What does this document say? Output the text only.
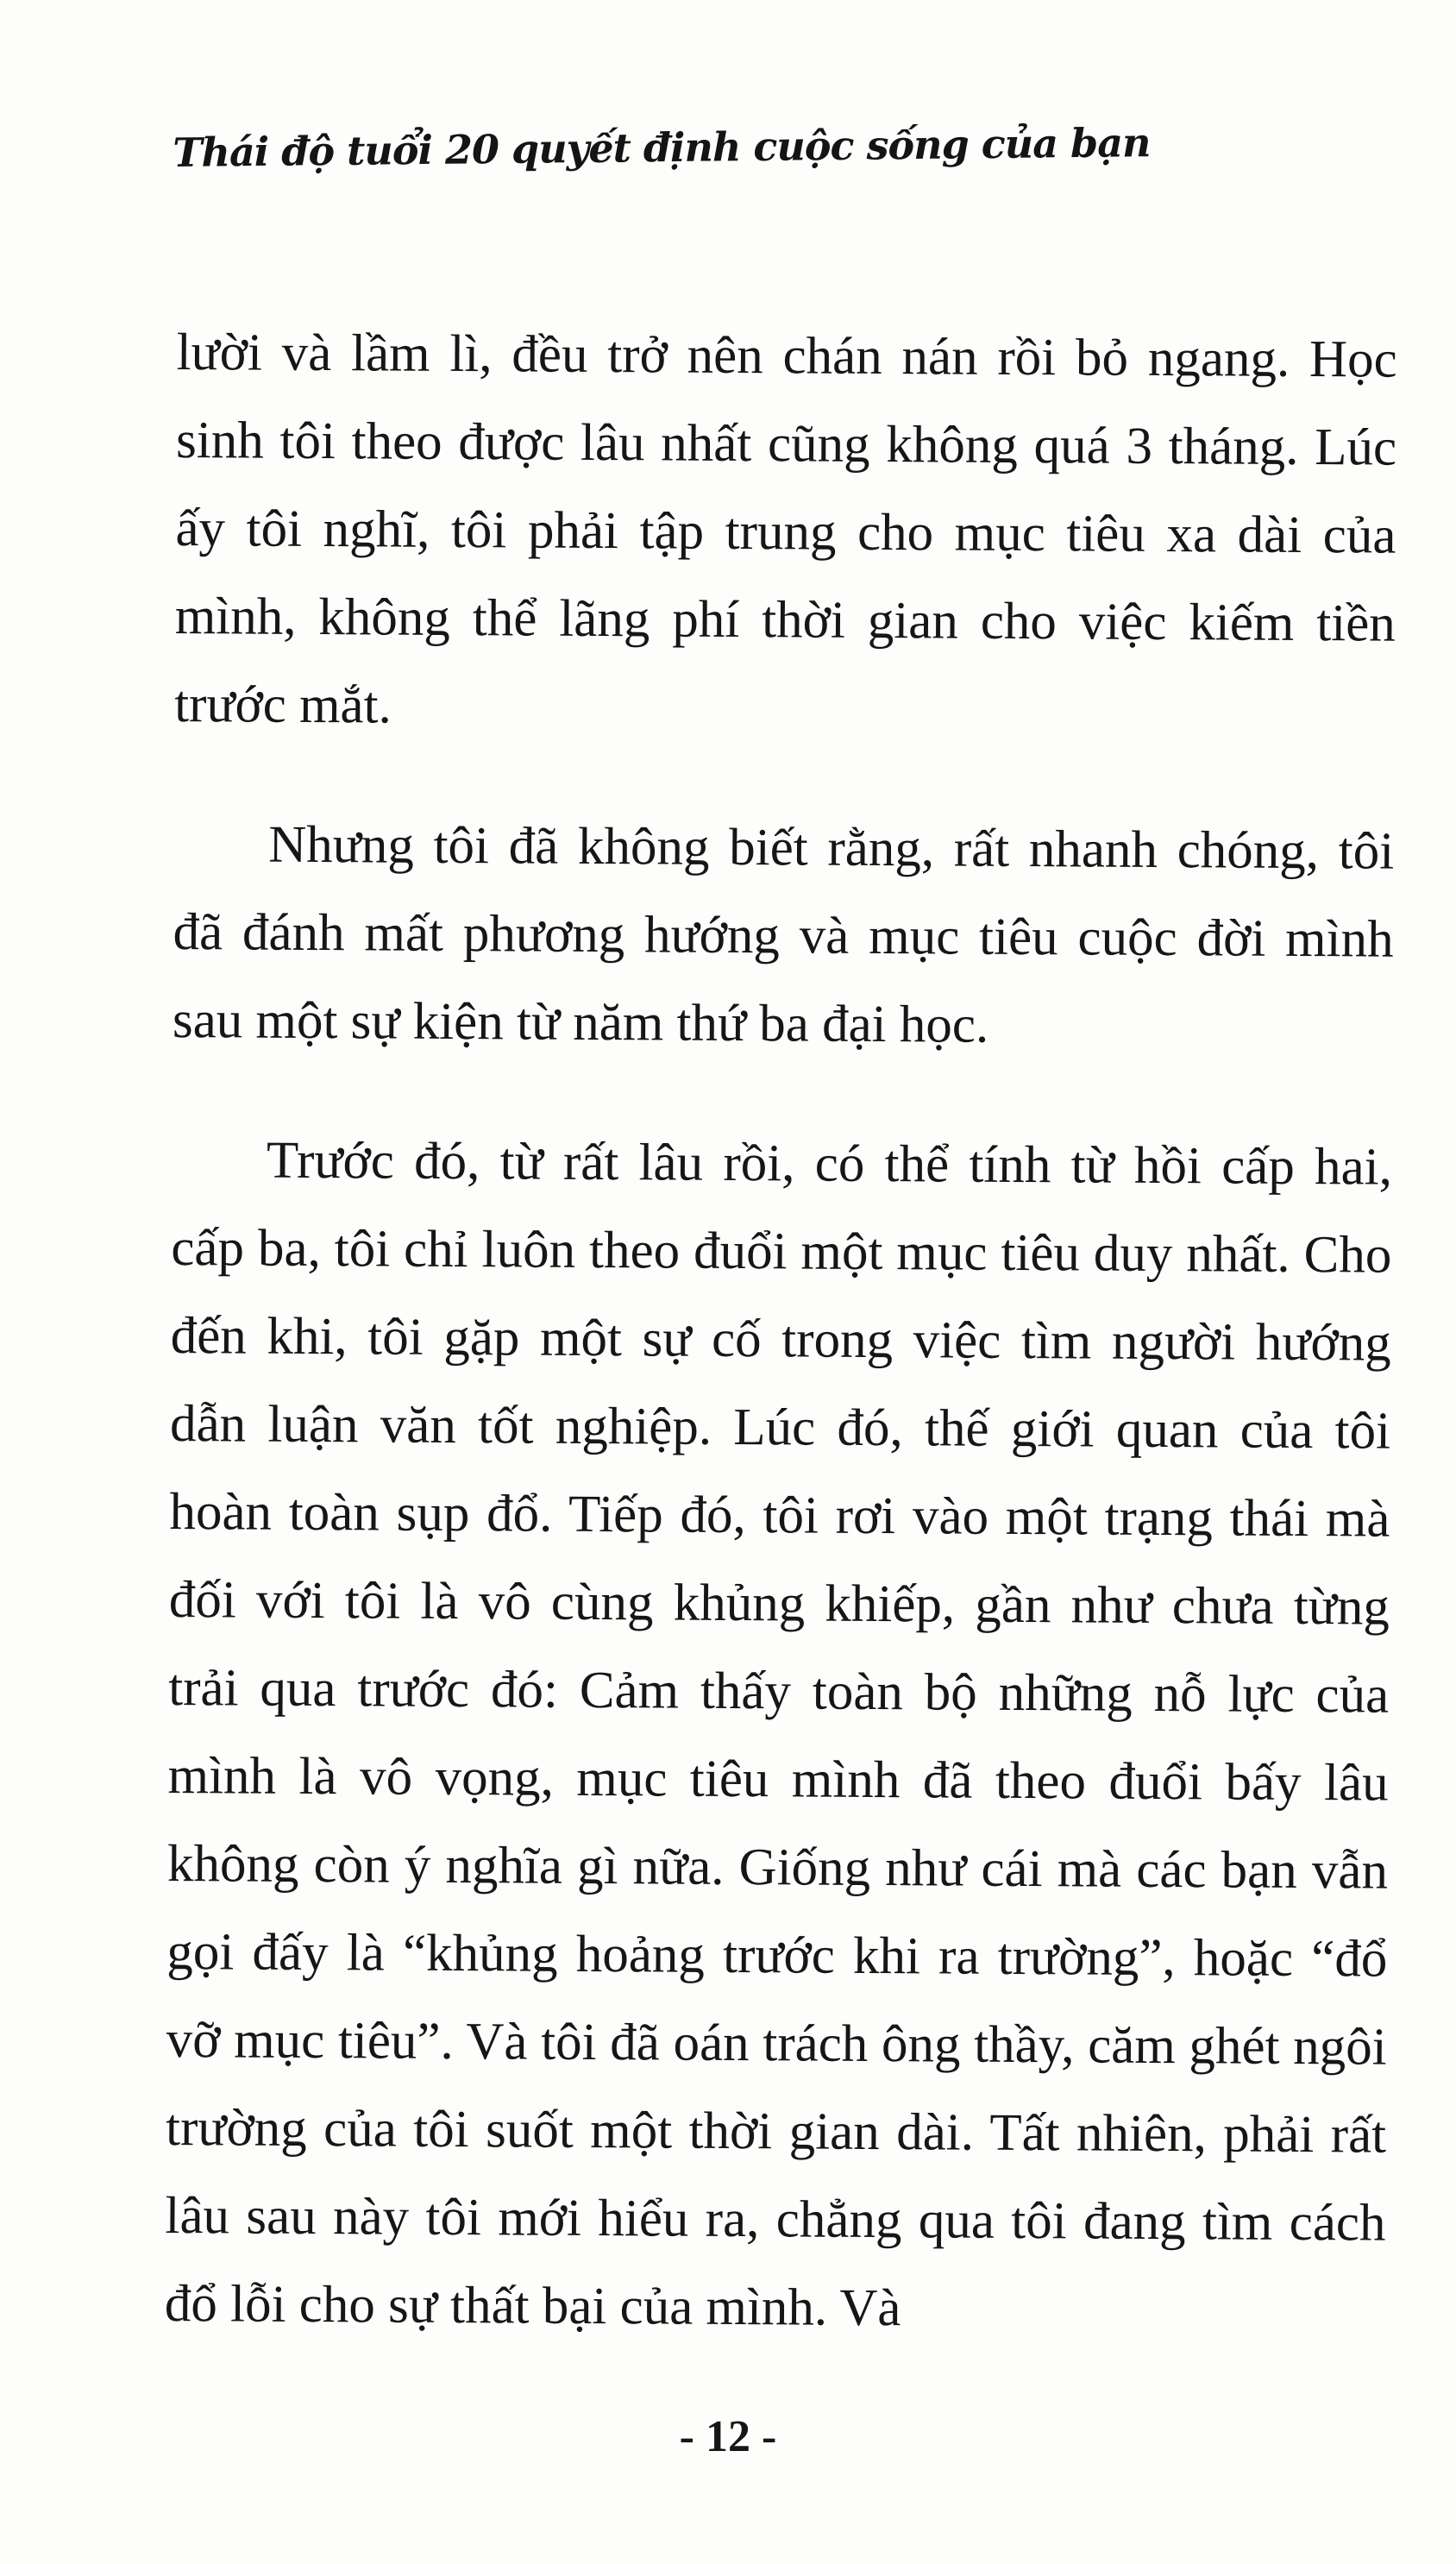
Thái độ tuổi 20 quyết định cuộc sống của bạn

lười và lầm lì, đều trở nên chán nán rồi bỏ ngang. Học sinh tôi theo được lâu nhất cũng không quá 3 tháng. Lúc ấy tôi nghĩ, tôi phải tập trung cho mục tiêu xa dài của mình, không thể lãng phí thời gian cho việc kiếm tiền trước mắt.

Nhưng tôi đã không biết rằng, rất nhanh chóng, tôi đã đánh mất phương hướng và mục tiêu cuộc đời mình sau một sự kiện từ năm thứ ba đại học.

Trước đó, từ rất lâu rồi, có thể tính từ hồi cấp hai, cấp ba, tôi chỉ luôn theo đuổi một mục tiêu duy nhất. Cho đến khi, tôi gặp một sự cố trong việc tìm người hướng dẫn luận văn tốt nghiệp. Lúc đó, thế giới quan của tôi hoàn toàn sụp đổ. Tiếp đó, tôi rơi vào một trạng thái mà đối với tôi là vô cùng khủng khiếp, gần như chưa từng trải qua trước đó: Cảm thấy toàn bộ những nỗ lực của mình là vô vọng, mục tiêu mình đã theo đuổi bấy lâu không còn ý nghĩa gì nữa. Giống như cái mà các bạn vẫn gọi đấy là “khủng hoảng trước khi ra trường”, hoặc “đổ vỡ mục tiêu”. Và tôi đã oán trách ông thầy, căm ghét ngôi trường của tôi suốt một thời gian dài. Tất nhiên, phải rất lâu sau này tôi mới hiểu ra, chẳng qua tôi đang tìm cách đổ lỗi cho sự thất bại của mình. Và

- 12 -
